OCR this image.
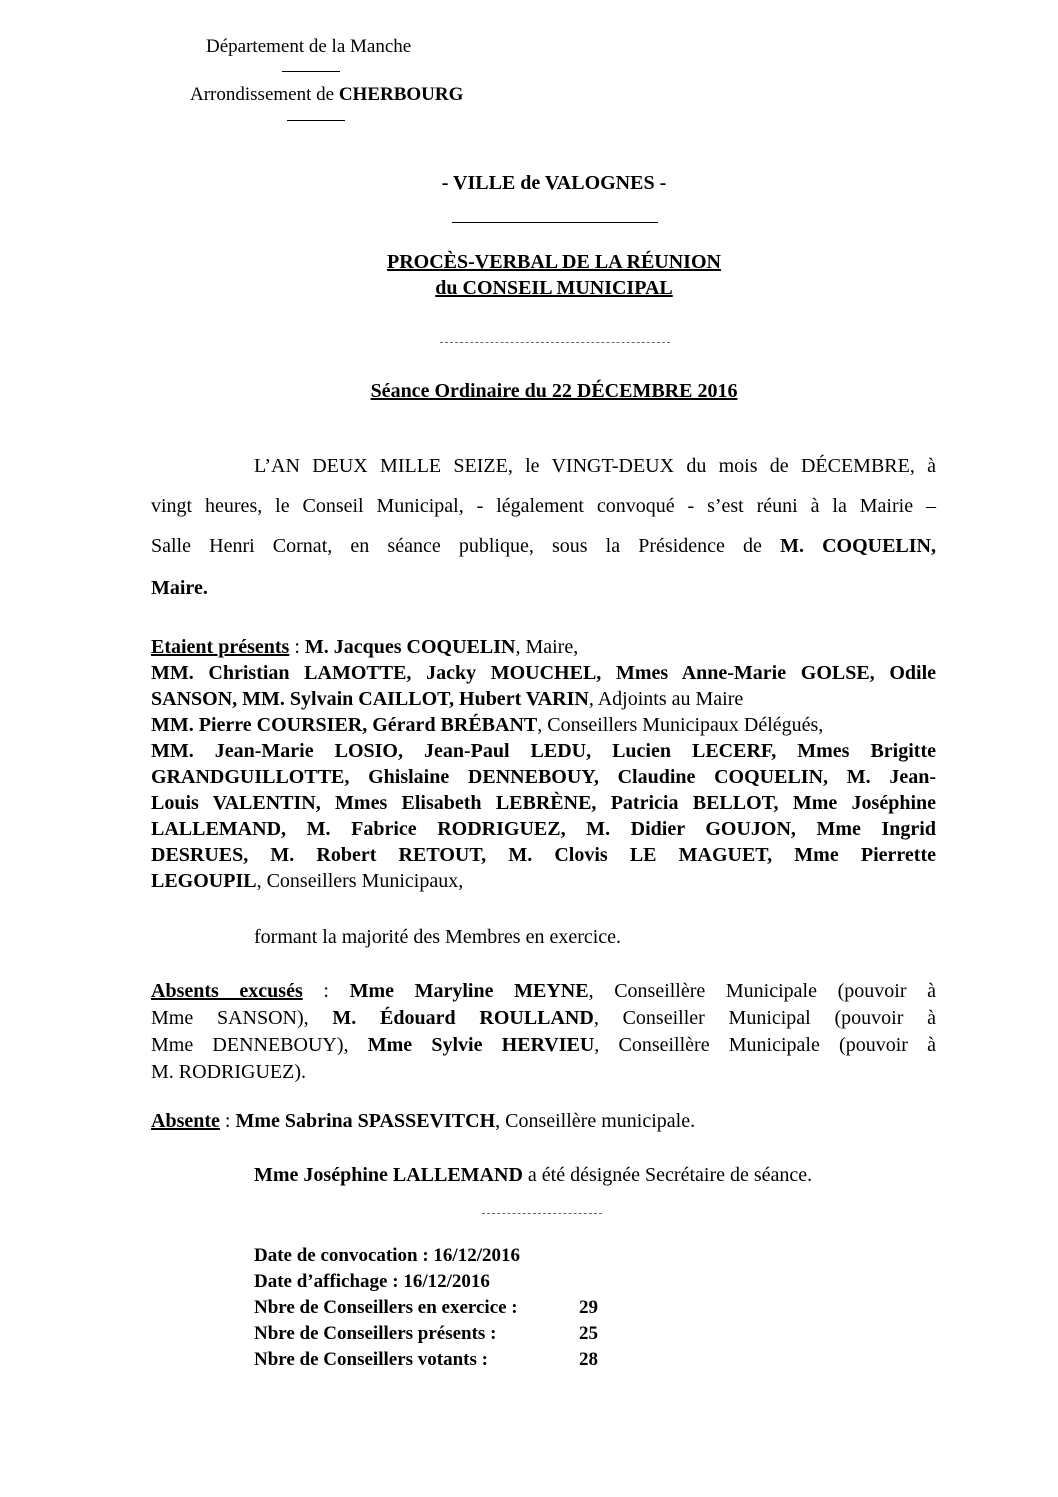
Département de la Manche
Arrondissement de CHERBOURG
- VILLE de VALOGNES -
PROCÈS-VERBAL DE LA RÉUNION
du CONSEIL MUNICIPAL
Séance Ordinaire du 22 DÉCEMBRE 2016
L’AN DEUX MILLE SEIZE, le VINGT-DEUX du mois de DÉCEMBRE, à
vingt heures, le Conseil Municipal, - légalement convoqué - s’est réuni à la Mairie –
Salle Henri Cornat, en séance publique, sous la Présidence de M. COQUELIN,
Maire.
Etaient présents : M. Jacques COQUELIN, Maire,
MM. Christian LAMOTTE, Jacky MOUCHEL, Mmes Anne-Marie GOLSE, Odile
SANSON, MM. Sylvain CAILLOT, Hubert VARIN, Adjoints au Maire
MM. Pierre COURSIER, Gérard BRÉBANT, Conseillers Municipaux Délégués,
MM. Jean-Marie LOSIO, Jean-Paul LEDU, Lucien LECERF, Mmes Brigitte
GRANDGUILLOTTE, Ghislaine DENNEBOUY, Claudine COQUELIN, M. Jean-
Louis VALENTIN, Mmes Elisabeth LEBRÈNE, Patricia BELLOT, Mme Joséphine
LALLEMAND, M. Fabrice RODRIGUEZ, M. Didier GOUJON, Mme Ingrid
DESRUES, M. Robert RETOUT, M. Clovis LE MAGUET, Mme Pierrette
LEGOUPIL, Conseillers Municipaux,
formant la majorité des Membres en exercice.
Absents excusés : Mme Maryline MEYNE, Conseillère Municipale (pouvoir à
Mme SANSON), M. Édouard ROULLAND, Conseiller Municipal (pouvoir à
Mme DENNEBOUY), Mme Sylvie HERVIEU, Conseillère Municipale (pouvoir à
M. RODRIGUEZ).
Absente : Mme Sabrina SPASSEVITCH, Conseillère municipale.
Mme Joséphine LALLEMAND a été désignée Secrétaire de séance.
Date de convocation : 16/12/2016
Date d’affichage : 16/12/2016
Nbre de Conseillers en exercice :	29
Nbre de Conseillers présents :	25
Nbre de Conseillers votants :	28
